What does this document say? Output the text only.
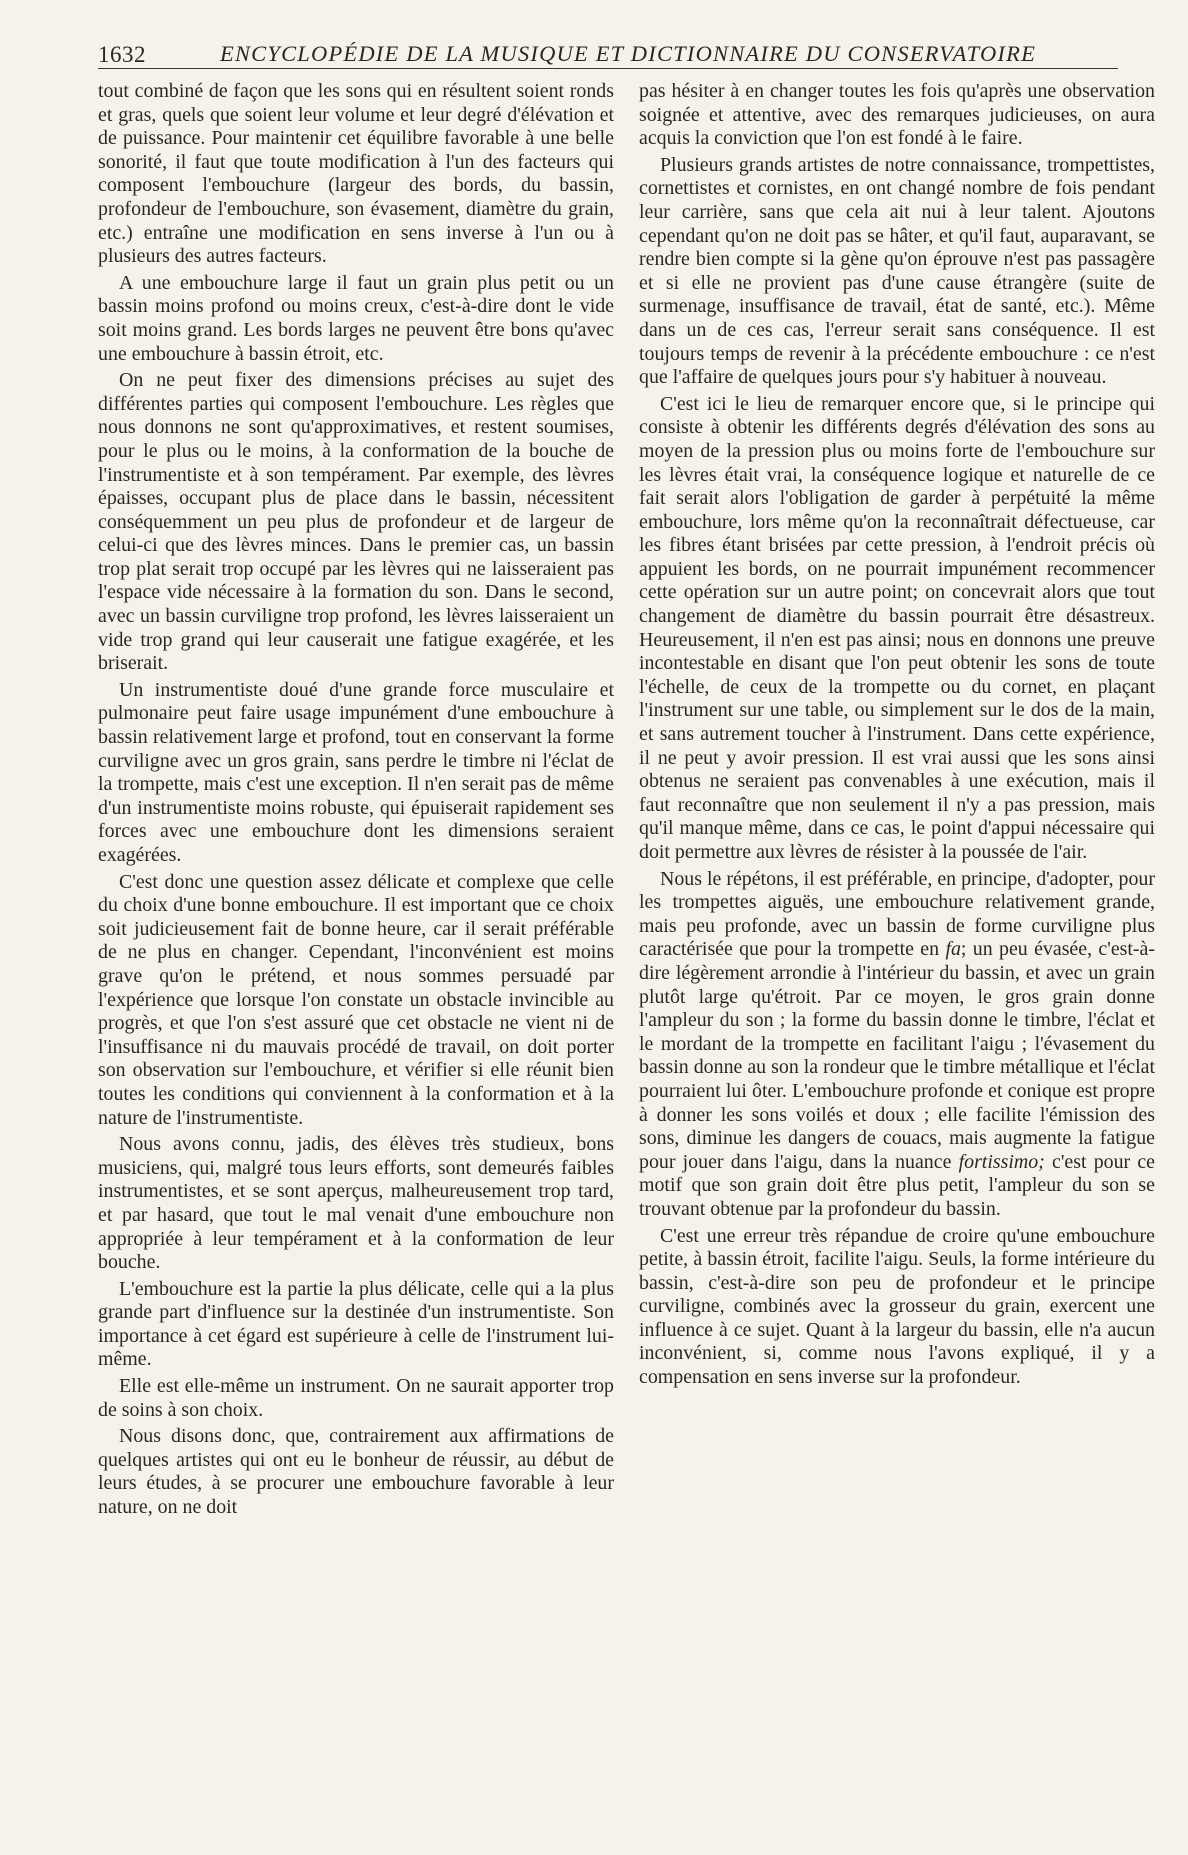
1632	ENCYCLOPÉDIE DE LA MUSIQUE ET DICTIONNAIRE DU CONSERVATOIRE

tout combiné de façon que les sons qui en résultent soient ronds et gras, quels que soient leur volume et leur degré d'élévation et de puissance. Pour maintenir cet équilibre favorable à une belle sonorité, il faut que toute modification à l'un des facteurs qui composent l'embouchure (largeur des bords, du bassin, profondeur de l'embouchure, son évasement, diamètre du grain, etc.) entraîne une modification en sens inverse à l'un ou à plusieurs des autres facteurs.

A une embouchure large il faut un grain plus petit ou un bassin moins profond ou moins creux, c'est-à-dire dont le vide soit moins grand. Les bords larges ne peuvent être bons qu'avec une embouchure à bassin étroit, etc.

On ne peut fixer des dimensions précises au sujet des différentes parties qui composent l'embouchure. Les règles que nous donnons ne sont qu'approximatives, et restent soumises, pour le plus ou le moins, à la conformation de la bouche de l'instrumentiste et à son tempérament. Par exemple, des lèvres épaisses, occupant plus de place dans le bassin, nécessitent conséquemment un peu plus de profondeur et de largeur de celui-ci que des lèvres minces. Dans le premier cas, un bassin trop plat serait trop occupé par les lèvres qui ne laisseraient pas l'espace vide nécessaire à la formation du son. Dans le second, avec un bassin curviligne trop profond, les lèvres laisseraient un vide trop grand qui leur causerait une fatigue exagérée, et les briserait.

Un instrumentiste doué d'une grande force musculaire et pulmonaire peut faire usage impunément d'une embouchure à bassin relativement large et profond, tout en conservant la forme curviligne avec un gros grain, sans perdre le timbre ni l'éclat de la trompette, mais c'est une exception. Il n'en serait pas de même d'un instrumentiste moins robuste, qui épuiserait rapidement ses forces avec une embouchure dont les dimensions seraient exagérées.

C'est donc une question assez délicate et complexe que celle du choix d'une bonne embouchure. Il est important que ce choix soit judicieusement fait de bonne heure, car il serait préférable de ne plus en changer. Cependant, l'inconvénient est moins grave qu'on le prétend, et nous sommes persuadé par l'expérience que lorsque l'on constate un obstacle invincible au progrès, et que l'on s'est assuré que cet obstacle ne vient ni de l'insuffisance ni du mauvais procédé de travail, on doit porter son observation sur l'embouchure, et vérifier si elle réunit bien toutes les conditions qui conviennent à la conformation et à la nature de l'instrumentiste.

Nous avons connu, jadis, des élèves très studieux, bons musiciens, qui, malgré tous leurs efforts, sont demeurés faibles instrumentistes, et se sont aperçus, malheureusement trop tard, et par hasard, que tout le mal venait d'une embouchure non appropriée à leur tempérament et à la conformation de leur bouche.

L'embouchure est la partie la plus délicate, celle qui a la plus grande part d'influence sur la destinée d'un instrumentiste. Son importance à cet égard est supérieure à celle de l'instrument lui-même.

Elle est elle-même un instrument. On ne saurait apporter trop de soins à son choix.

Nous disons donc, que, contrairement aux affirmations de quelques artistes qui ont eu le bonheur de réussir, au début de leurs études, à se procurer une embouchure favorable à leur nature, on ne doit

pas hésiter à en changer toutes les fois qu'après une observation soignée et attentive, avec des remarques judicieuses, on aura acquis la conviction que l'on est fondé à le faire.

Plusieurs grands artistes de notre connaissance, trompettistes, cornettistes et cornistes, en ont changé nombre de fois pendant leur carrière, sans que cela ait nui à leur talent. Ajoutons cependant qu'on ne doit pas se hâter, et qu'il faut, auparavant, se rendre bien compte si la gène qu'on éprouve n'est pas passagère et si elle ne provient pas d'une cause étrangère (suite de surmenage, insuffisance de travail, état de santé, etc.). Même dans un de ces cas, l'erreur serait sans conséquence. Il est toujours temps de revenir à la précédente embouchure : ce n'est que l'affaire de quelques jours pour s'y habituer à nouveau.

C'est ici le lieu de remarquer encore que, si le principe qui consiste à obtenir les différents degrés d'élévation des sons au moyen de la pression plus ou moins forte de l'embouchure sur les lèvres était vrai, la conséquence logique et naturelle de ce fait serait alors l'obligation de garder à perpétuité la même embouchure, lors même qu'on la reconnaîtrait défectueuse, car les fibres étant brisées par cette pression, à l'endroit précis où appuient les bords, on ne pourrait impunément recommencer cette opération sur un autre point; on concevrait alors que tout changement de diamètre du bassin pourrait être désastreux. Heureusement, il n'en est pas ainsi; nous en donnons une preuve incontestable en disant que l'on peut obtenir les sons de toute l'échelle, de ceux de la trompette ou du cornet, en plaçant l'instrument sur une table, ou simplement sur le dos de la main, et sans autrement toucher à l'instrument. Dans cette expérience, il ne peut y avoir pression. Il est vrai aussi que les sons ainsi obtenus ne seraient pas convenables à une exécution, mais il faut reconnaître que non seulement il n'y a pas pression, mais qu'il manque même, dans ce cas, le point d'appui nécessaire qui doit permettre aux lèvres de résister à la poussée de l'air.

Nous le répétons, il est préférable, en principe, d'adopter, pour les trompettes aiguës, une embouchure relativement grande, mais peu profonde, avec un bassin de forme curviligne plus caractérisée que pour la trompette en fa; un peu évasée, c'est-à-dire légèrement arrondie à l'intérieur du bassin, et avec un grain plutôt large qu'étroit. Par ce moyen, le gros grain donne l'ampleur du son ; la forme du bassin donne le timbre, l'éclat et le mordant de la trompette en facilitant l'aigu ; l'évasement du bassin donne au son la rondeur que le timbre métallique et l'éclat pourraient lui ôter. L'embouchure profonde et conique est propre à donner les sons voilés et doux ; elle facilite l'émission des sons, diminue les dangers de couacs, mais augmente la fatigue pour jouer dans l'aigu, dans la nuance fortissimo; c'est pour ce motif que son grain doit être plus petit, l'ampleur du son se trouvant obtenue par la profondeur du bassin.

C'est une erreur très répandue de croire qu'une embouchure petite, à bassin étroit, facilite l'aigu. Seuls, la forme intérieure du bassin, c'est-à-dire son peu de profondeur et le principe curviligne, combinés avec la grosseur du grain, exercent une influence à ce sujet. Quant à la largeur du bassin, elle n'a aucun inconvénient, si, comme nous l'avons expliqué, il y a compensation en sens inverse sur la profondeur.
